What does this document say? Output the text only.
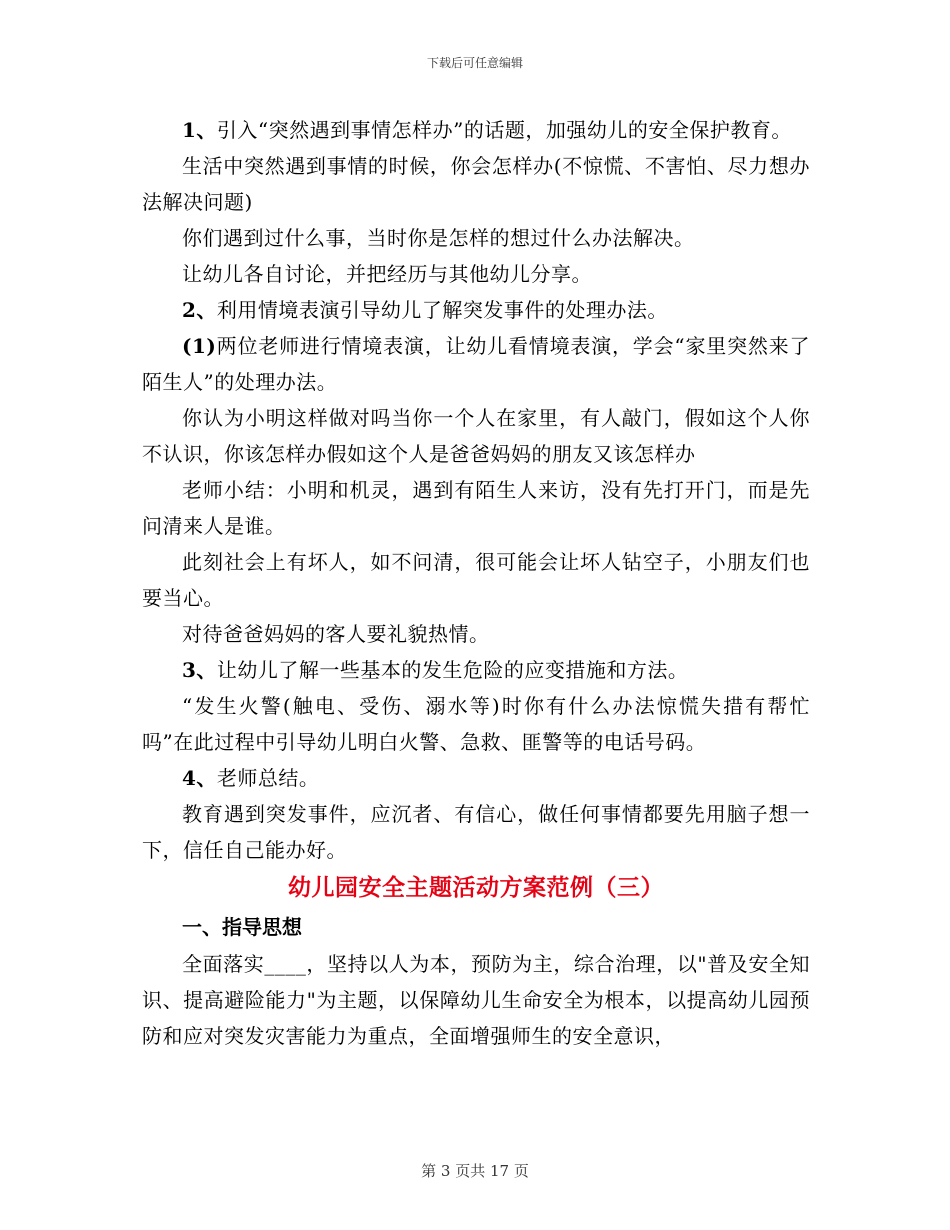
下载后可任意编辑

1、引入“突然遇到事情怎样办”的话题，加强幼儿的安全保护教育。

生活中突然遇到事情的时候，你会怎样办(不惊慌、不害怕、尽力想办法解决问题)

你们遇到过什么事，当时你是怎样的想过什么办法解决。

让幼儿各自讨论，并把经历与其他幼儿分享。

2、利用情境表演引导幼儿了解突发事件的处理办法。

(1)两位老师进行情境表演，让幼儿看情境表演，学会“家里突然来了陌生人”的处理办法。

你认为小明这样做对吗当你一个人在家里，有人敲门，假如这个人你不认识，你该怎样办假如这个人是爸爸妈妈的朋友又该怎样办

老师小结：小明和机灵，遇到有陌生人来访，没有先打开门，而是先问清来人是谁。

此刻社会上有坏人，如不问清，很可能会让坏人钻空子，小朋友们也要当心。

对待爸爸妈妈的客人要礼貌热情。

3、让幼儿了解一些基本的发生危险的应变措施和方法。

“发生火警(触电、受伤、溺水等)时你有什么办法惊慌失措有帮忙吗”在此过程中引导幼儿明白火警、急救、匪警等的电话号码。

4、老师总结。

教育遇到突发事件，应沉者、有信心，做任何事情都要先用脑子想一下，信任自己能办好。

幼儿园安全主题活动方案范例（三）
一、指导思想

全面落实____，坚持以人为本，预防为主，综合治理，以"普及安全知识、提高避险能力"为主题，以保障幼儿生命安全为根本，以提高幼儿园预防和应对突发灾害能力为重点，全面增强师生的安全意识，

第 3 页共 17 页
